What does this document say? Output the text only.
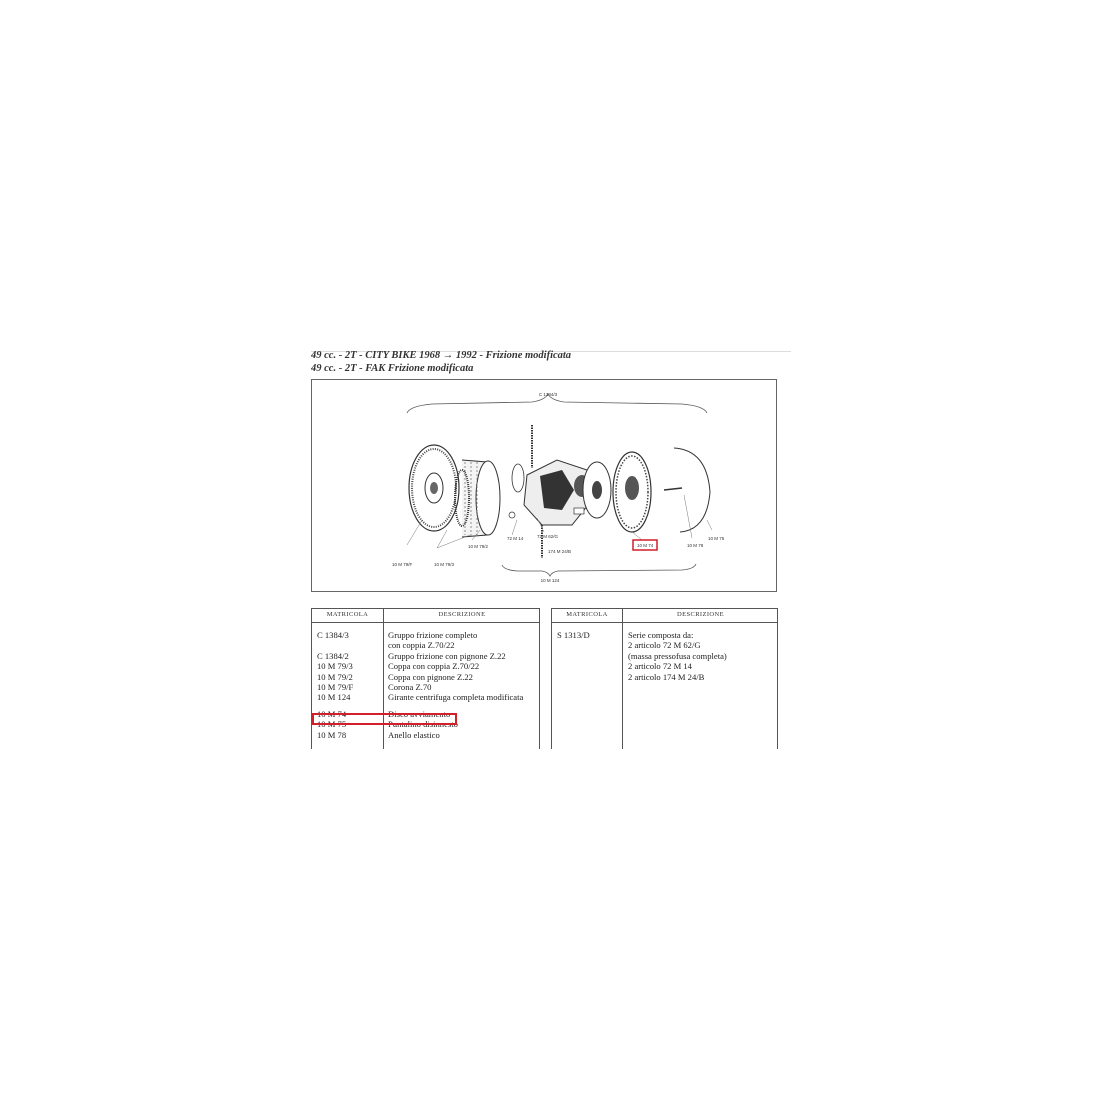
49 cc. - 2T - CITY BIKE 1968 → 1992 - Frizione modificata
49 cc. - 2T - FAK Frizione modificata
C 1384/3
10 M 79/F	10 M 79/3
10 M 79/2
72 M 14	72 M 62/G
174 M 24/B
10 M 74	10 M 78
10 M 75
10 M 124
MATRICOLA	DESCRIZIONE
C 1384/3	Gruppo frizione completo
con coppia Z.70/22
C 1384/2	Gruppo frizione con pignone Z.22
10 M 79/3	Coppa con coppia Z.70/22
10 M 79/2	Coppa con pignone Z.22
10 M 79/F	Corona Z.70
10 M 124	Girante centrifuga completa modificata
10 M 74	Disco avviamento
10 M 75	Puntalino disinnesto
10 M 78	Anello elastico
MATRICOLA	DESCRIZIONE
S 1313/D	Serie composta da:
2 articolo 72 M 62/G
(massa pressofusa completa)
2 articolo 72 M 14
2 articolo 174 M 24/B
